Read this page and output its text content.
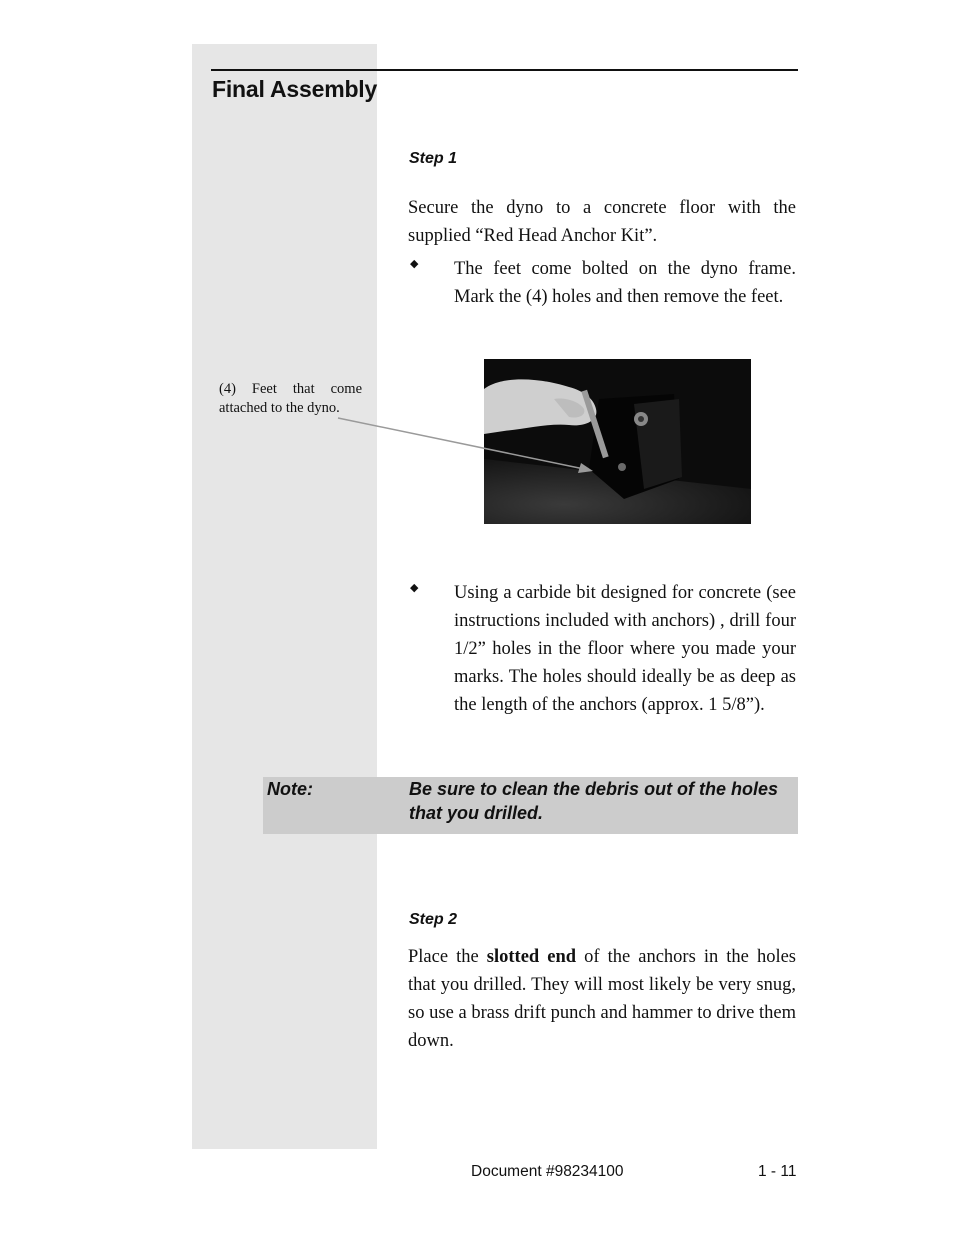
Final Assembly
Step 1
Secure the dyno to a concrete floor with the supplied “Red Head Anchor Kit”.
◆ The feet come bolted on the dyno frame. Mark the (4) holes and then remove the feet.
(4) Feet that come attached to the dyno.
◆ Using a carbide bit designed for concrete (see instructions included with anchors) , drill four 1/2” holes in the floor where you made your marks. The holes should ideally be as deep as the length of the anchors (approx. 1 5/8”).
Note:	Be sure to clean the debris out of the holes that you drilled.
Step 2
Place the slotted end of the anchors in the holes that you drilled. They will most likely be very snug, so use a brass drift punch and hammer to drive them down.
Document #98234100	1 - 11
